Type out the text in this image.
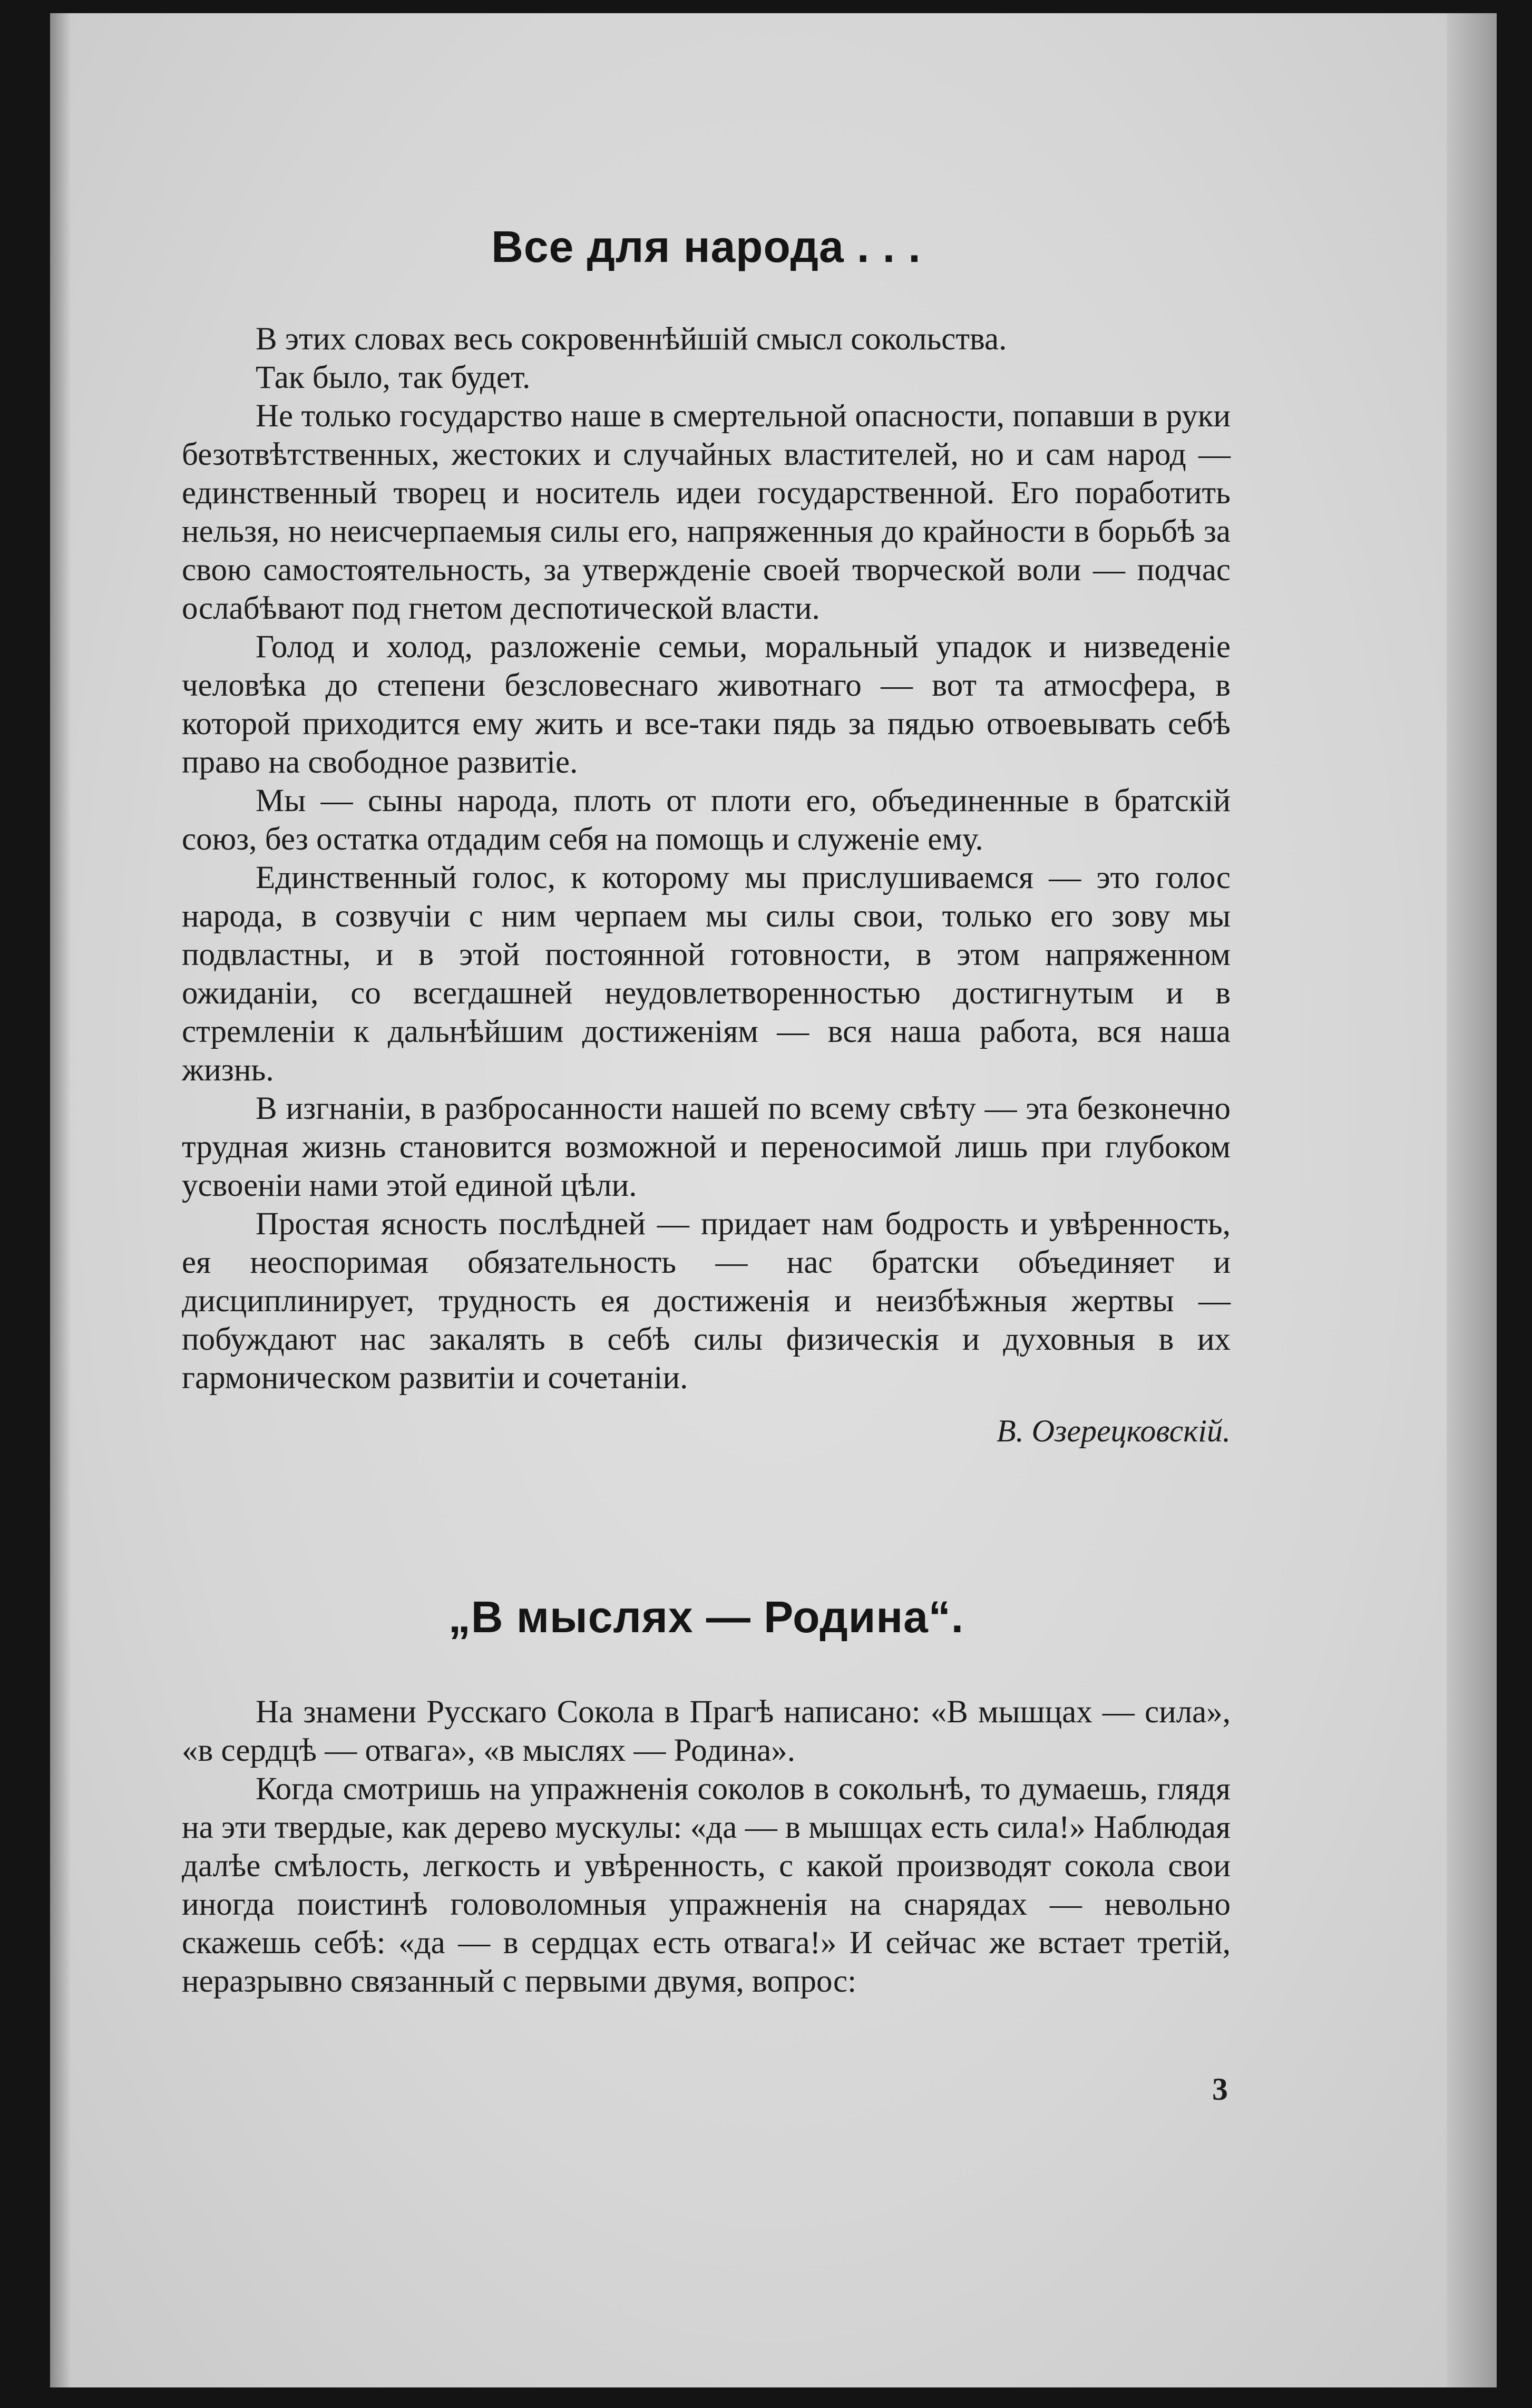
Все для народа . . .

В этих словах весь сокровеннѣйшій смысл сокольства.

Так было, так будет.

Не только государство наше в смертельной опасности, попавши в руки безотвѣтственных, жестоких и случайных властителей, но и сам народ — единственный творец и носитель идеи государственной. Его поработить нельзя, но неисчерпаемыя силы его, напряженныя до крайности в борьбѣ за свою самостоятельность, за утвержденіе своей творческой воли — подчас ослабѣвают под гнетом деспотической власти.

Голод и холод, разложеніе семьи, моральный упадок и низведеніе человѣка до степени безсловеснаго животнаго — вот та атмосфера, в которой приходится ему жить и все-таки пядь за пядью отвоевывать себѣ право на свободное развитіе.

Мы — сыны народа, плоть от плоти его, объединенные в братскій союз, без остатка отдадим себя на помощь и служеніе ему.

Единственный голос, к которому мы прислушиваемся — это голос народа, в созвучіи с ним черпаем мы силы свои, только его зову мы подвластны, и в этой постоянной готовности, в этом напряженном ожиданіи, со всегдашней неудовлетворенностью достигнутым и в стремленіи к дальнѣйшим достиженіям — вся наша работа, вся наша жизнь.

В изгнаніи, в разбросанности нашей по всему свѣту — эта безконечно трудная жизнь становится возможной и переносимой лишь при глубоком усвоеніи нами этой единой цѣли.

Простая ясность послѣдней — придает нам бодрость и увѣренность, ея неоспоримая обязательность — нас братски объединяет и дисциплинирует, трудность ея достиженія и неизбѣжныя жертвы — побуждают нас закалять в себѣ силы физическія и духовныя в их гармоническом развитіи и сочетаніи.

В. Озерецковскій.

„В мыслях — Родина“.

На знамени Русскаго Сокола в Прагѣ написано: «В мышцах — сила», «в сердцѣ — отвага», «в мыслях — Родина».

Когда смотришь на упражненія соколов в сокольнѣ, то думаешь, глядя на эти твердые, как дерево мускулы: «да — в мышцах есть сила!» Наблюдая далѣе смѣлость, легкость и увѣренность, с какой производят сокола свои иногда поистинѣ головоломныя упражненія на снарядах — невольно скажешь себѣ: «да — в сердцах есть отвага!» И сейчас же встает третій, неразрывно связанный с первыми двумя, вопрос:

3
